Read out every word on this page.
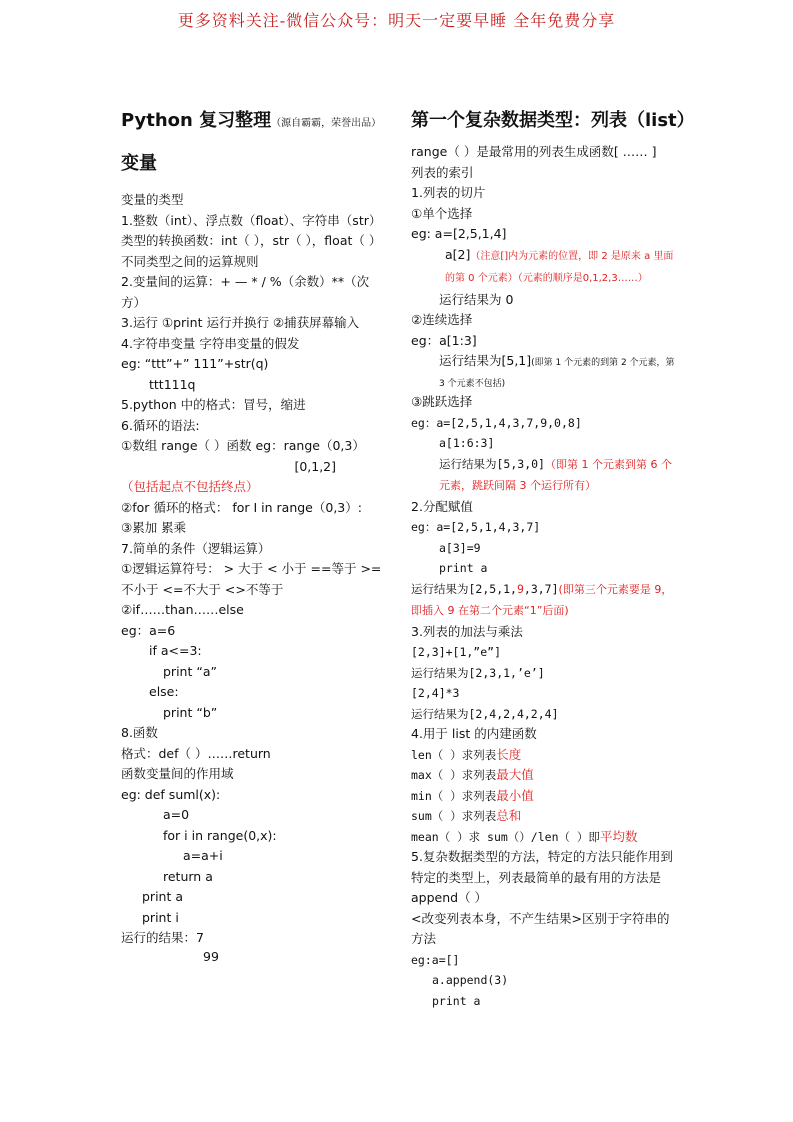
更多资料关注-微信公众号：明天一定要早睡 全年免费分享
Python 复习整理（源自霸霸，荣誉出品）
变量

变量的类型

1.整数（int）、浮点数（float）、字符串（str）类型的转换函数：int（ ），str（ ），float（ ）

不同类型之间的运算规则

2.变量间的运算：+ — * / %（余数）**（次方）

3.运行 ①print 运行并换行 ②捕获屏幕输入

4.字符串变量 字符串变量的假发

eg: “ttt”+” 111”+str(q)

ttt111q

5.python 中的格式：冒号，缩进

6.循环的语法:

①数组 range（ ）函数 eg：range（0,3）

[0,1,2]

（包括起点不包括终点）

②for 循环的格式： for I in range（0,3）:

③累加 累乘

7.简单的条件（逻辑运算）

①逻辑运算符号： > 大于 < 小于 ==等于 >=不小于 <=不大于 <>不等于

②if……than……else

eg：a=6

if a<=3:

print “a”

else:

print “b”

8.函数

格式：def（ ）……return

函数变量间的作用域

eg: def suml(x):

a=0

for i in range(0,x):

a=a+i

return a

print a

print i

运行的结果：7

99

第一个复杂数据类型：列表（list）

range（ ）是最常用的列表生成函数[ …… ]

列表的索引

1.列表的切片

①单个选择

eg: a=[2,5,1,4]

a[2]（注意[]内为元素的位置，即 2 是原来 a 里面的第 0 个元素）（元素的顺序是0,1,2,3……）

运行结果为 0

②连续选择

eg：a[1:3]

运行结果为[5,1](即第 1 个元素的到第 2 个元素，第 3 个元素不包括)

③跳跃选择

eg：a=[2,5,1,4,3,7,9,0,8]

a[1:6:3]

运行结果为[5,3,0]（即第 1 个元素到第 6 个元素，跳跃间隔 3 个运行所有）

2.分配赋值

eg：a=[2,5,1,4,3,7]

a[3]=9

print a

运行结果为[2,5,1,9,3,7](即第三个元素要是 9，即插入 9 在第二个元素“1”后面)

3.列表的加法与乘法

[2,3]+[1,”e”]

运行结果为[2,3,1,’e’]

[2,4]*3

运行结果为[2,4,2,4,2,4]

4.用于 list 的内建函数

len（ ）求列表长度

max（ ）求列表最大值

min（ ）求列表最小值

sum（ ）求列表总和

mean（ ）求 sum（）/len（ ）即平均数

5.复杂数据类型的方法，特定的方法只能作用到特定的类型上，列表最简单的最有用的方法是 append（ ）

<改变列表本身，不产生结果>区别于字符串的方法

eg:a=[]

a.append(3)

print a
